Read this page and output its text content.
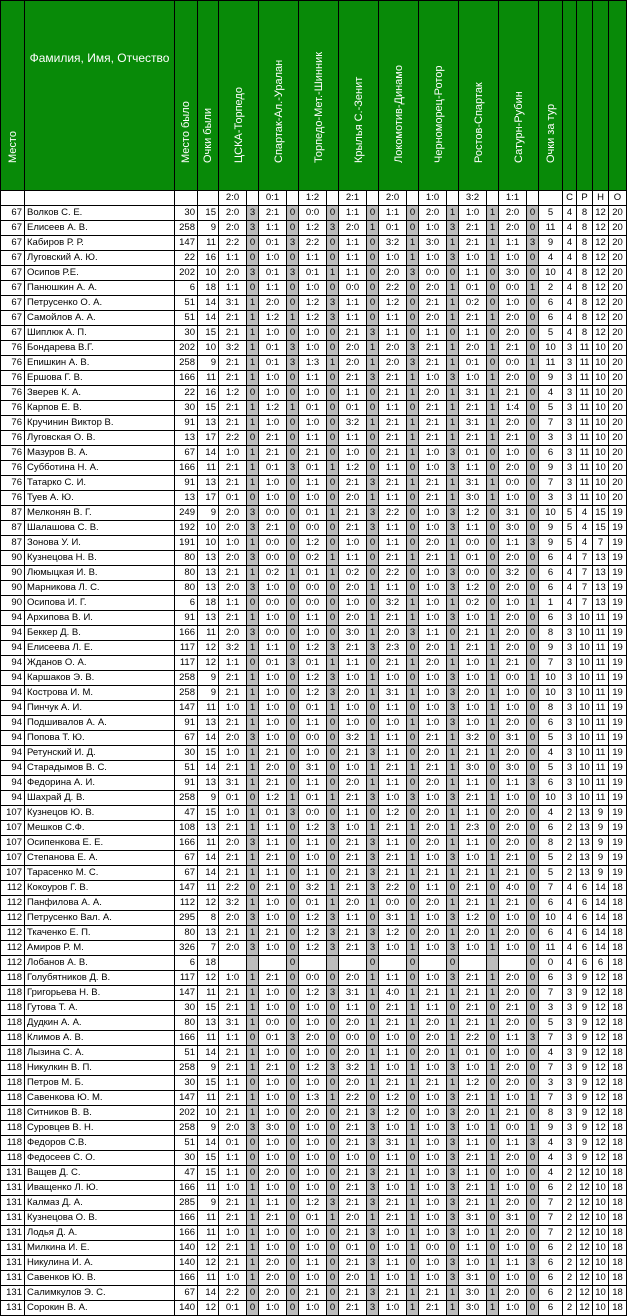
Место	Фамилия, Имя, Отчество	Место было	Очки были	ЦСКА-Торпедо		Спартак-Ал.-Уралан		Торпедо-Мет.-Шинник		Крылья С.-Зенит		Локомотив-Динамо		Черноморец-Ротор		Ростов-Спартак		Сатурн-Рубин		Очки за тур				

				2:0		0:1		1:2		2:1		2:0		1:0		3:2		1:1			С	Р	Н	О
67	Волков С. Е.	30	15	2:0	3	2:1	0	0:0	0	1:1	0	1:1	0	2:0	1	1:0	1	2:0	0	5	4	8	12	20
67	Елисеев А. В.	258	9	2:0	3	1:1	0	1:2	3	2:0	1	0:1	0	1:0	3	2:1	1	2:0	0	11	4	8	12	20
67	Кабиров Р. Р.	147	11	2:2	0	0:1	3	2:2	0	1:1	0	3:2	1	3:0	1	2:1	1	1:1	3	9	4	8	12	20
67	Луговский А. Ю.	22	16	1:1	0	1:0	0	1:1	0	1:1	0	1:0	1	1:0	3	1:0	1	1:0	0	4	4	8	12	20
67	Осипов Р.Е.	202	10	2:0	3	0:1	3	0:1	1	1:1	0	2:0	3	0:0	0	1:1	0	3:0	0	10	4	8	12	20
67	Панюшкин А. А.	6	18	1:1	0	1:1	0	1:0	0	0:0	0	2:2	0	2:0	1	0:1	0	0:0	1	2	4	8	12	20
67	Петрусенко О. А.	51	14	3:1	1	2:0	0	1:2	3	1:1	0	1:2	0	2:1	1	0:2	0	1:0	0	6	4	8	12	20
67	Самойлов А. А.	51	14	2:1	1	1:2	1	1:2	3	1:1	0	1:1	0	2:0	1	2:1	1	2:0	0	6	4	8	12	20
67	Шиплюк А. П.	30	15	2:1	1	1:0	0	1:0	0	2:1	3	1:1	0	1:1	0	1:1	0	2:0	0	5	4	8	12	20
76	Бондарева В.Г.	202	10	3:2	1	0:1	3	1:0	0	2:0	1	2:0	3	2:1	1	2:0	1	2:1	0	10	3	11	10	20
76	Епишкин А. В.	258	9	2:1	1	0:1	3	1:3	1	2:0	1	2:0	3	2:1	1	0:1	0	0:0	1	11	3	11	10	20
76	Ершова Г. В.	166	11	2:1	1	1:0	0	1:1	0	2:1	3	2:1	1	1:0	3	1:0	1	2:0	0	9	3	11	10	20
76	Зверев К. А.	22	16	1:2	0	1:0	0	1:0	0	1:1	0	2:1	1	2:0	1	3:1	1	2:1	0	4	3	11	10	20
76	Карпов Е. В.	30	15	2:1	1	1:2	1	0:1	0	0:1	0	1:1	0	2:1	1	2:1	1	1:4	0	5	3	11	10	20
76	Кручинин Виктор В.	91	13	2:1	1	1:0	0	1:0	0	3:2	1	2:1	1	2:1	1	3:1	1	2:0	0	7	3	11	10	20
76	Луговская О. В.	13	17	2:2	0	2:1	0	1:1	0	1:1	0	2:1	1	2:1	1	2:1	1	2:1	0	3	3	11	10	20
76	Мазуров В. А.	67	14	1:0	1	2:1	0	2:1	0	1:0	0	2:1	1	1:0	3	0:1	0	1:0	0	6	3	11	10	20
76	Субботина Н. А.	166	11	2:1	1	0:1	3	0:1	1	1:2	0	1:1	0	1:0	3	1:1	0	2:0	0	9	3	11	10	20
76	Татарко С. И.	91	13	2:1	1	1:0	0	1:1	0	2:1	3	2:1	1	2:1	1	3:1	1	0:0	0	7	3	11	10	20
76	Туев А. Ю.	13	17	0:1	0	1:0	0	1:0	0	2:0	1	1:1	0	2:1	1	3:0	1	1:0	0	3	3	11	10	20
87	Мелконян В. Г.	249	9	2:0	3	0:0	0	0:1	1	2:1	3	2:2	0	1:0	3	1:2	0	3:1	0	10	5	4	15	19
87	Шалашова С. В.	192	10	2:0	3	2:1	0	0:0	0	2:1	3	1:1	0	1:0	3	1:1	0	3:0	0	9	5	4	15	19
87	Зонова У. И.	191	10	1:0	1	0:0	0	1:2	0	1:0	0	1:1	0	2:0	1	0:0	0	1:1	3	9	5	4	7	19
90	Кузнецова Н. В.	80	13	2:0	3	0:0	0	0:2	1	1:1	0	2:1	1	2:1	1	0:1	0	2:0	0	6	4	7	13	19
90	Люмыцкая И. В.	80	13	2:1	1	0:2	1	0:1	1	0:2	0	2:2	0	1:0	3	0:0	0	3:2	0	6	4	7	13	19
90	Марникова Л. С.	80	13	2:0	3	1:0	0	0:0	0	2:0	1	1:1	0	1:0	3	1:2	0	2:0	0	6	4	7	13	19
90	Осипова И. Г.	6	18	1:1	0	0:0	0	0:0	0	1:0	0	3:2	1	1:0	1	0:2	0	1:0	1	1	4	7	13	19
94	Архипова В. И.	91	13	2:1	1	1:0	0	1:1	0	2:0	1	2:1	1	1:0	3	1:0	1	2:0	0	6	3	10	11	19
94	Беккер Д. В.	166	11	2:0	3	0:0	0	1:0	0	3:0	1	2:0	3	1:1	0	2:1	1	2:0	0	8	3	10	11	19
94	Елисеева Л. Е.	117	12	3:2	1	1:1	0	1:2	3	2:1	3	2:3	0	2:0	1	2:1	1	2:0	0	9	3	10	11	19
94	Жданов О. А.	117	12	1:1	0	0:1	3	0:1	1	1:1	0	2:1	1	2:0	1	1:0	1	2:1	0	7	3	10	11	19
94	Каршаков Э. В.	258	9	2:1	1	1:0	0	1:2	3	1:0	1	1:0	0	1:0	3	1:0	1	0:0	1	10	3	10	11	19
94	Кострова И. М.	258	9	2:1	1	1:0	0	1:2	3	2:0	1	3:1	1	1:0	3	2:0	1	1:0	0	10	3	10	11	19
94	Пинчук А. И.	147	11	1:0	1	1:0	0	0:1	1	1:0	0	1:1	0	1:0	3	1:0	1	1:0	0	8	3	10	11	19
94	Подшивалов А. А.	91	13	2:1	1	1:0	0	1:1	0	1:0	0	1:0	1	1:0	3	1:0	1	2:0	0	6	3	10	11	19
94	Попова Т. Ю.	67	14	2:0	3	1:0	0	0:0	0	3:2	1	1:1	0	2:1	1	3:2	0	3:1	0	5	3	10	11	19
94	Ретунский И. Д.	30	15	1:0	1	2:1	0	1:0	0	2:1	3	1:1	0	2:0	1	2:1	1	2:0	0	4	3	10	11	19
94	Старадымов В. С.	51	14	2:1	1	2:0	0	3:1	0	1:0	1	2:1	1	2:1	1	3:0	0	3:0	0	5	3	10	11	19
94	Федорина А. И.	91	13	3:1	1	2:1	0	1:1	0	2:0	1	1:1	0	2:0	1	1:1	0	1:1	3	6	3	10	11	19
94	Шахрай Д. В.	258	9	0:1	0	1:2	1	0:1	1	2:1	3	1:0	3	1:0	3	2:1	1	1:0	0	10	3	10	11	19
107	Кузнецов Ю. В.	47	15	1:0	1	0:1	3	0:0	0	1:1	0	1:2	0	2:0	1	1:1	0	2:0	0	4	2	13	9	19
107	Мешков С.Ф.	108	13	2:1	1	1:1	0	1:2	3	1:0	1	2:1	1	2:0	1	2:3	0	2:0	0	6	2	13	9	19
107	Осипенкова Е. Е.	166	11	2:0	3	1:1	0	1:1	0	2:1	3	1:1	0	2:0	1	1:1	0	2:0	0	8	2	13	9	19
107	Степанова Е. А.	67	14	2:1	1	2:1	0	1:0	0	2:1	3	2:1	1	1:0	3	1:0	1	2:1	0	5	2	13	9	19
107	Тарасенко М. С.	67	14	2:1	1	1:1	0	1:1	0	2:1	3	2:1	1	2:1	1	2:1	1	2:1	0	5	2	13	9	19
112	Кокоуров Г. В.	147	11	2:2	0	2:1	0	3:2	1	2:1	3	2:2	0	1:1	0	2:1	0	4:0	0	7	4	6	14	18
112	Панфилова А. А.	112	12	3:2	1	1:0	0	0:1	1	2:0	1	0:0	0	2:0	1	2:1	1	2:1	0	6	4	6	14	18
112	Петрусенко Вал. А.	295	8	2:0	3	1:0	0	1:2	3	1:1	0	3:1	1	1:0	3	1:2	0	1:0	0	10	4	6	14	18
112	Ткаченко Е. П.	80	13	2:1	1	2:1	0	1:2	3	2:1	3	1:2	0	2:0	1	2:0	1	2:0	0	6	4	6	14	18
112	Амиров Р. М.	326	7	2:0	3	1:0	0	1:2	3	2:1	3	1:0	1	1:0	3	1:0	1	1:0	0	11	4	6	14	18
112	Лобанов А. В.	6	18				0				0		0		0				0	0	4	6	6	18
118	Голубятников Д. В.	117	12	1:0	1	2:1	0	0:0	0	2:0	1	1:1	0	1:0	3	2:1	1	2:0	0	6	3	9	12	18
118	Григорьева Н. В.	147	11	2:1	1	1:0	0	1:2	3	3:1	1	4:0	1	2:1	1	2:1	1	2:0	0	7	3	9	12	18
118	Гутова Т. А.	30	15	2:1	1	1:0	0	1:0	0	1:1	0	2:1	1	1:1	0	2:1	0	2:1	0	3	3	9	12	18
118	Дудкин А. А.	80	13	3:1	1	0:0	0	1:0	0	2:0	1	2:1	1	2:0	1	2:1	1	2:0	0	5	3	9	12	18
118	Климов А. В.	166	11	1:1	0	0:1	3	2:0	0	0:0	0	1:0	0	2:0	1	2:2	0	1:1	3	7	3	9	12	18
118	Лызина С. А.	51	14	2:1	1	1:0	0	1:0	0	2:0	1	1:1	0	2:0	1	0:1	0	1:0	0	4	3	9	12	18
118	Никулкин В. П.	258	9	2:1	1	2:1	0	1:2	3	3:2	1	1:0	1	1:0	3	1:0	1	2:0	0	7	3	9	12	18
118	Петров М. Б.	30	15	1:1	0	1:0	0	1:0	0	2:0	1	2:1	1	2:1	1	1:2	0	2:0	0	3	3	9	12	18
118	Савенкова Ю. М.	147	11	2:1	1	1:0	0	1:3	1	2:2	0	1:2	0	1:0	3	2:1	1	1:0	1	7	3	9	12	18
118	Ситников В. В.	202	10	2:1	1	1:0	0	2:0	0	2:1	3	1:2	0	1:0	3	2:0	1	2:1	0	8	3	9	12	18
118	Суровцев В. Н.	258	9	2:0	3	3:0	0	1:0	0	2:1	3	1:0	1	1:0	3	1:0	1	0:0	1	9	3	9	12	18
118	Федоров С.В.	51	14	0:1	0	1:0	0	1:0	0	2:1	3	3:1	1	1:0	3	1:1	0	1:1	3	4	3	9	12	18
118	Федосеев С. О.	30	15	1:1	0	1:0	0	1:0	0	1:0	0	1:1	0	1:0	3	2:1	1	2:0	0	4	3	9	12	18
131	Ващев Д. С.	47	15	1:1	0	2:0	0	1:0	0	2:1	3	2:1	1	1:0	3	1:1	0	1:0	0	4	2	12	10	18
131	Иващенко Л. Ю.	166	11	1:0	1	1:0	0	1:0	0	2:1	3	1:0	1	1:0	3	2:1	1	1:0	0	6	2	12	10	18
131	Калмаз Д. А.	285	9	2:1	1	1:1	0	1:2	3	2:1	3	2:1	1	1:0	3	2:1	1	2:0	0	7	2	12	10	18
131	Кузнецова О. В.	166	11	2:1	1	2:1	0	0:1	1	2:0	1	2:1	1	1:0	3	3:1	0	3:1	0	7	2	12	10	18
131	Лодья Д. А.	166	11	1:0	1	1:0	0	1:0	0	2:1	3	1:0	1	1:0	3	1:0	1	2:0	0	7	2	12	10	18
131	Милкина И. Е.	140	12	2:1	1	1:0	0	1:0	0	0:1	0	1:0	1	0:0	0	1:1	0	1:0	0	6	2	12	10	18
131	Никулина И. А.	140	12	2:1	1	2:0	0	1:1	0	2:1	3	1:1	0	1:0	3	1:0	1	1:1	3	6	2	12	10	18
131	Савенков Ю. В.	166	11	1:0	1	2:0	0	1:0	0	2:0	1	1:0	1	1:0	3	3:1	0	1:0	0	6	2	12	10	18
131	Салимкулов Э. С.	67	14	2:2	0	2:0	0	2:1	0	2:1	3	2:1	1	2:1	1	3:0	1	2:0	0	6	2	12	10	18
131	Сорокин В. А.	140	12	0:1	0	1:0	0	1:0	0	2:1	3	1:0	1	2:1	1	3:0	1	1:0	0	6	2	12	10	18
